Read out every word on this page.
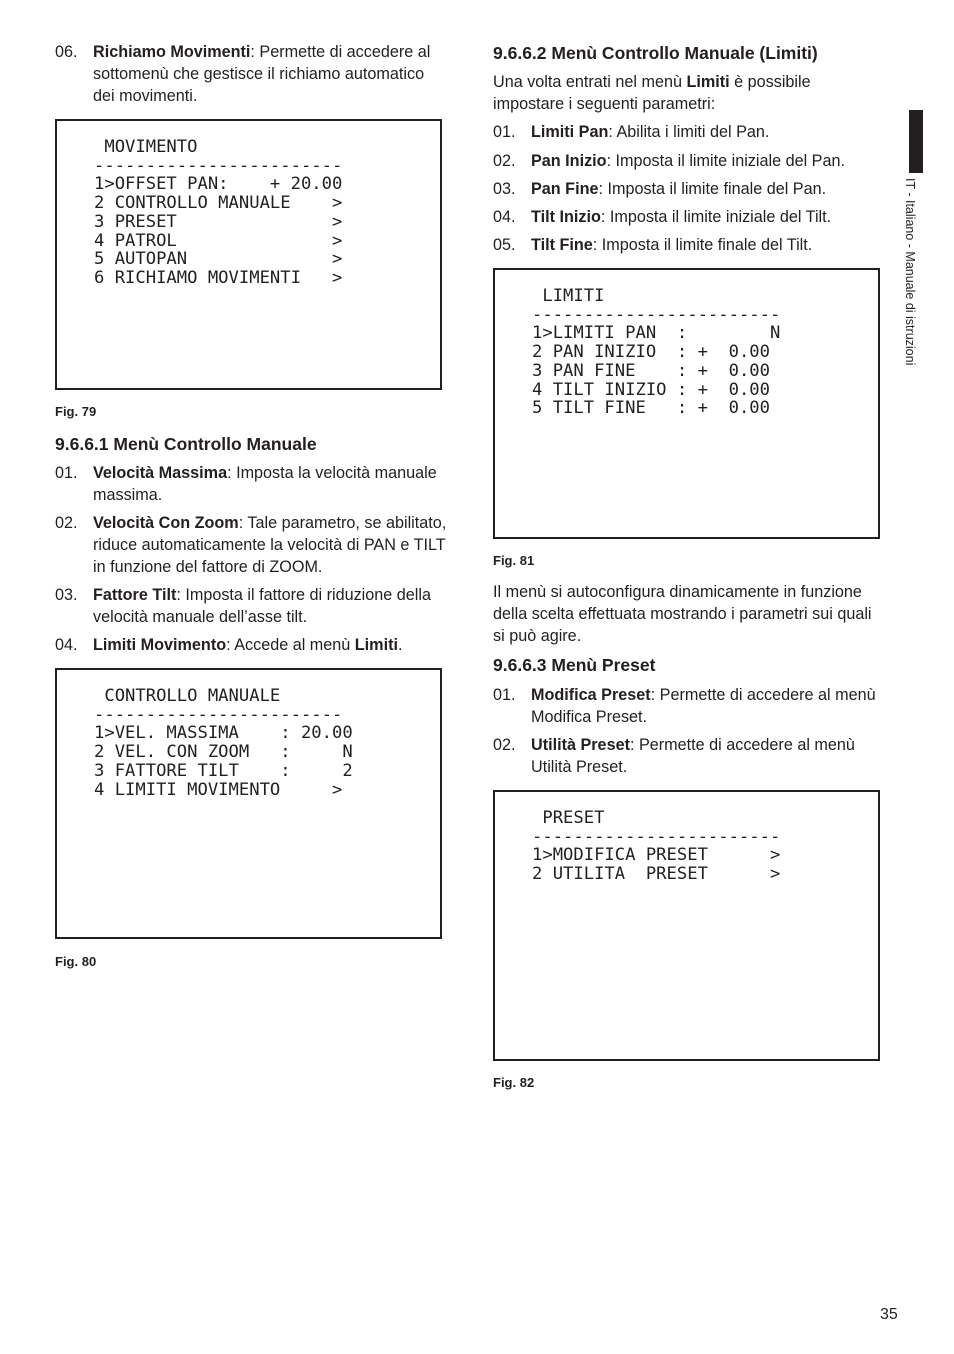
06. Richiamo Movimenti: Permette di accedere al
sottomenù che gestisce il richiamo automatico
dei movimenti.
MOVIMENTO
------------------------
1>OFFSET PAN:    + 20.00
2 CONTROLLO MANUALE    >
3 PRESET               >
4 PATROL               >
5 AUTOPAN              >
6 RICHIAMO MOVIMENTI   >
Fig. 79
9.6.6.1 Menù Controllo Manuale
01. Velocità Massima: Imposta la velocità manuale
massima.
02. Velocità Con Zoom: Tale parametro, se abilitato,
riduce automaticamente la velocità di PAN e TILT
in funzione del fattore di ZOOM.
03. Fattore Tilt: Imposta il fattore di riduzione della
velocità manuale dell’asse tilt.
04. Limiti Movimento: Accede al menù Limiti.
CONTROLLO MANUALE
------------------------
1>VEL. MASSIMA    : 20.00
2 VEL. CON ZOOM   :     N
3 FATTORE TILT    :     2
4 LIMITI MOVIMENTO     >
Fig. 80
9.6.6.2 Menù Controllo Manuale (Limiti)
Una volta entrati nel menù Limiti è possibile
impostare i seguenti parametri:
01. Limiti Pan: Abilita i limiti del Pan.
02. Pan Inizio: Imposta il limite iniziale del Pan.
03. Pan Fine: Imposta il limite finale del Pan.
04. Tilt Inizio: Imposta il limite iniziale del Tilt.
05. Tilt Fine: Imposta il limite finale del Tilt.
LIMITI
------------------------
1>LIMITI PAN  :        N
2 PAN INIZIO  : +  0.00
3 PAN FINE    : +  0.00
4 TILT INIZIO : +  0.00
5 TILT FINE   : +  0.00
Fig. 81
Il menù si autoconfigura dinamicamente in funzione
della scelta effettuata mostrando i parametri sui quali
si può agire.
9.6.6.3 Menù Preset
01. Modifica Preset: Permette di accedere al menù
Modifica Preset.
02. Utilità Preset: Permette di accedere al menù
Utilità Preset.
PRESET
------------------------
1>MODIFICA PRESET      >
2 UTILITA  PRESET      >
Fig. 82
IT - Italiano - Manuale di istruzioni
35
